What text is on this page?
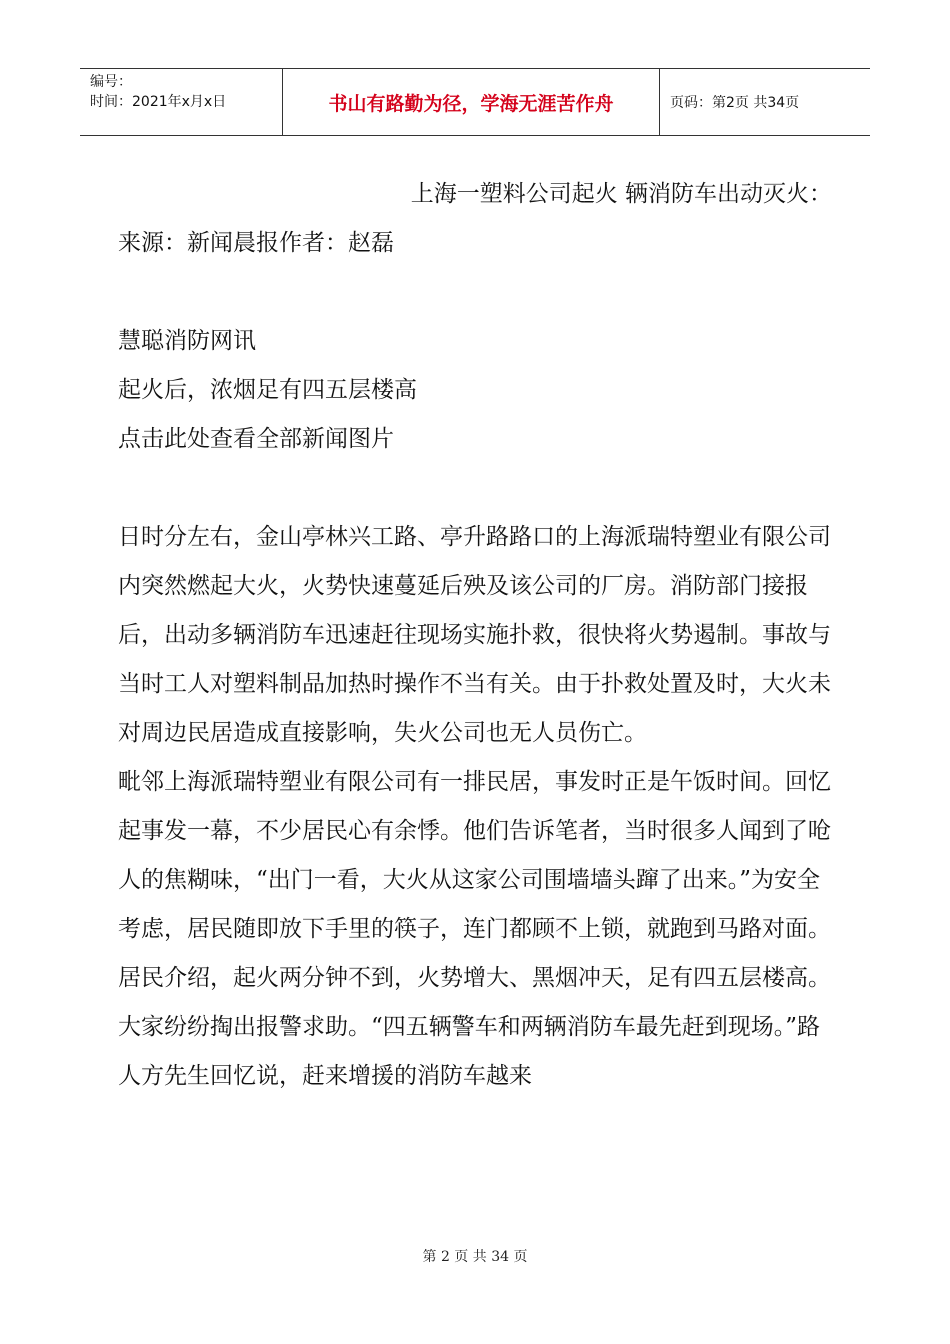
编号：
时间：2021年x月x日	书山有路勤为径，学海无涯苦作舟	页码：第2页 共34页

上海一塑料公司起火 辆消防车出动灭火：

来源：新闻晨报作者：赵磊

慧聪消防网讯

起火后，浓烟足有四五层楼高

点击此处查看全部新闻图片

日时分左右，金山亭林兴工路、亭升路路口的上海派瑞特塑业有限公司内突然燃起大火，火势快速蔓延后殃及该公司的厂房。消防部门接报后，出动多辆消防车迅速赶往现场实施扑救，很快将火势遏制。事故与当时工人对塑料制品加热时操作不当有关。由于扑救处置及时，大火未对周边民居造成直接影响，失火公司也无人员伤亡。

毗邻上海派瑞特塑业有限公司有一排民居，事发时正是午饭时间。回忆起事发一幕，不少居民心有余悸。他们告诉笔者，当时很多人闻到了呛人的焦糊味，“出门一看，大火从这家公司围墙墙头蹿了出来。”为安全考虑，居民随即放下手里的筷子，连门都顾不上锁，就跑到马路对面。

居民介绍，起火两分钟不到，火势增大、黑烟冲天，足有四五层楼高。大家纷纷掏出报警求助。“四五辆警车和两辆消防车最先赶到现场。”路人方先生回忆说，赶来增援的消防车越来

第 2 页 共 34 页
